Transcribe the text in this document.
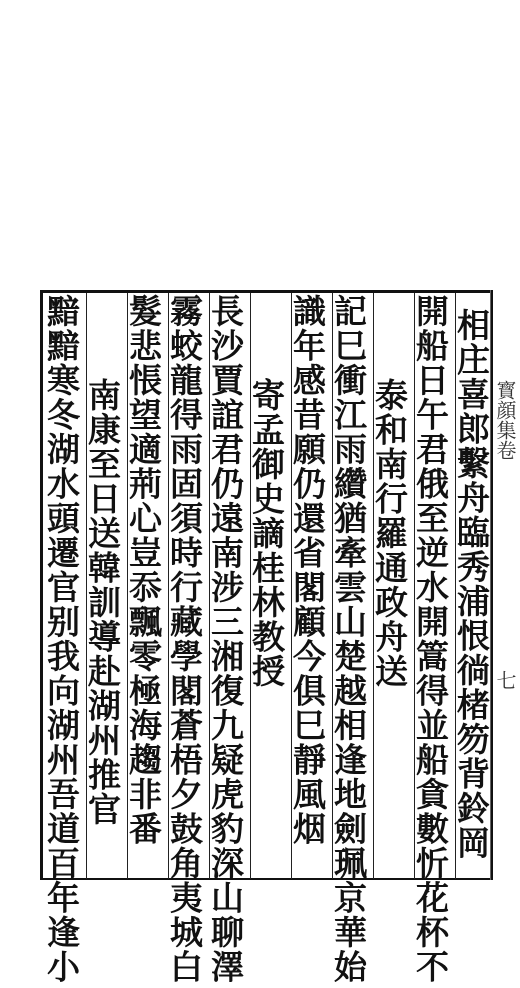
相庄喜郎繫舟臨秀浦恨徜楮笏背鈴岡
開船日午君俄至逆水開篙得並船貪數忻花杯不
泰和南行羅通政舟送
記巳衝江雨纘猶牽雲山楚越相逢地劍珮京華始
識年感昔願仍還省閣顧今俱巳靜風烟
寄孟御史謫桂林教授
長沙賈誼君仍遠南涉三湘復九疑虎豹深山聊澤
霧蛟龍得雨固須時行藏學閣蒼梧夕鼓角夷城白
髮悲悵望適荊心豈忝飄零極海趨非番
南康至日送韓訓導赴湖州推官
黯黯寒冬湖水頭遷官别我向湖州吾道百年逢小	寳顔集卷
七
